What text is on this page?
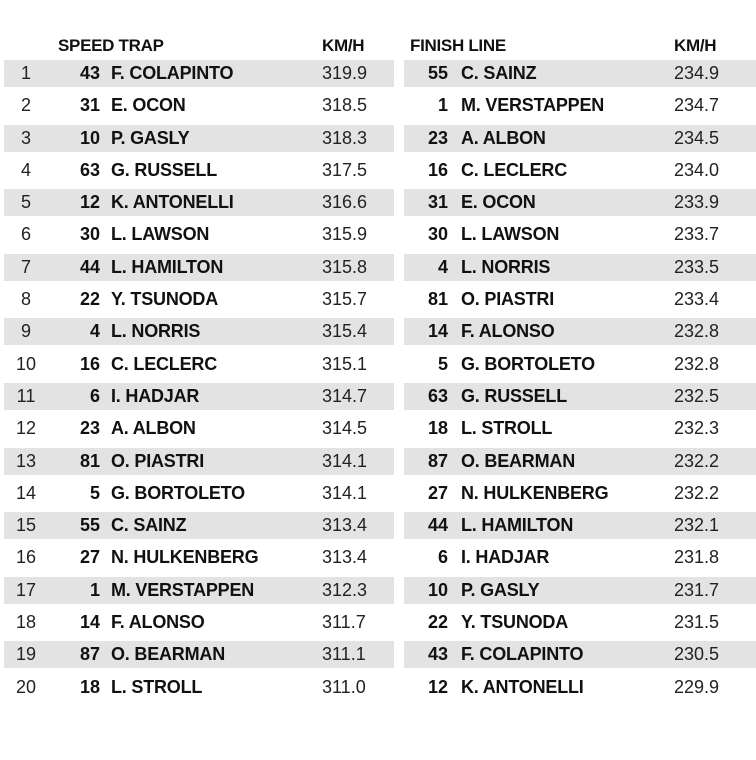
SPEED TRAP	KM/H
1	43 F. COLAPINTO	319.9
2	31 E. OCON	318.5
3	10 P. GASLY	318.3
4	63 G. RUSSELL	317.5
5	12 K. ANTONELLI	316.6
6	30 L. LAWSON	315.9
7	44 L. HAMILTON	315.8
8	22 Y. TSUNODA	315.7
9	4 L. NORRIS	315.4
10	16 C. LECLERC	315.1
11	6 I. HADJAR	314.7
12	23 A. ALBON	314.5
13	81 O. PIASTRI	314.1
14	5 G. BORTOLETO	314.1
15	55 C. SAINZ	313.4
16	27 N. HULKENBERG	313.4
17	1 M. VERSTAPPEN	312.3
18	14 F. ALONSO	311.7
19	87 O. BEARMAN	311.1
20	18 L. STROLL	311.0
FINISH LINE	KM/H
55 C. SAINZ	234.9
1 M. VERSTAPPEN	234.7
23 A. ALBON	234.5
16 C. LECLERC	234.0
31 E. OCON	233.9
30 L. LAWSON	233.7
4 L. NORRIS	233.5
81 O. PIASTRI	233.4
14 F. ALONSO	232.8
5 G. BORTOLETO	232.8
63 G. RUSSELL	232.5
18 L. STROLL	232.3
87 O. BEARMAN	232.2
27 N. HULKENBERG	232.2
44 L. HAMILTON	232.1
6 I. HADJAR	231.8
10 P. GASLY	231.7
22 Y. TSUNODA	231.5
43 F. COLAPINTO	230.5
12 K. ANTONELLI	229.9
